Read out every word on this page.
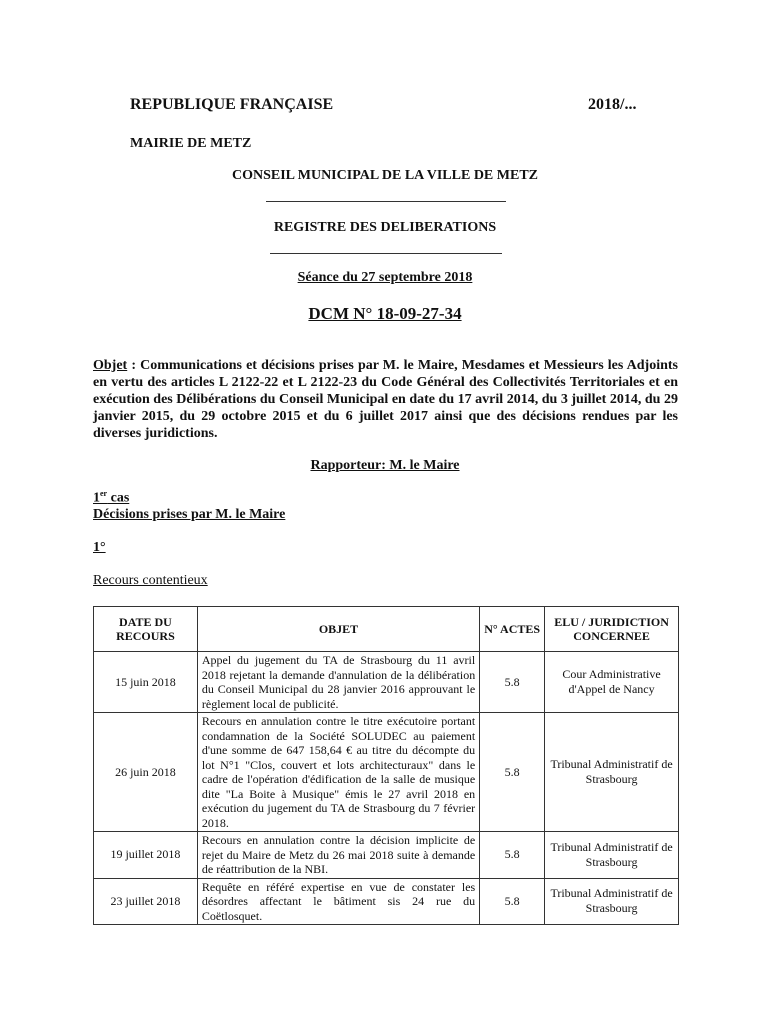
REPUBLIQUE FRANÇAISE	2018/...
MAIRIE DE METZ
CONSEIL MUNICIPAL DE LA VILLE DE METZ
REGISTRE DES DELIBERATIONS
Séance du 27 septembre 2018
DCM N° 18-09-27-34
Objet : Communications et décisions prises par M. le Maire, Mesdames et Messieurs les Adjoints en vertu des articles L 2122-22 et L 2122-23 du Code Général des Collectivités Territoriales et en exécution des Délibérations du Conseil Municipal en date du 17 avril 2014, du 3 juillet 2014, du 29 janvier 2015, du 29 octobre 2015 et du 6 juillet 2017 ainsi que des décisions rendues par les diverses juridictions.
Rapporteur: M. le Maire
1er cas
Décisions prises par M. le Maire
1°
Recours contentieux
DATE DU RECOURS	OBJET	N° ACTES	ELU / JURIDICTION CONCERNEE
15 juin 2018	Appel du jugement du TA de Strasbourg du 11 avril 2018 rejetant la demande d'annulation de la délibération du Conseil Municipal du 28 janvier 2016 approuvant le règlement local de publicité.	5.8	Cour Administrative d'Appel de Nancy
26 juin 2018	Recours en annulation contre le titre exécutoire portant condamnation de la Société SOLUDEC au paiement d'une somme de 647 158,64 € au titre du décompte du lot N°1 "Clos, couvert et lots architecturaux" dans le cadre de l'opération d'édification de la salle de musique dite "La Boite à Musique" émis le 27 avril 2018 en exécution du jugement du TA de Strasbourg du 7 février 2018.	5.8	Tribunal Administratif de Strasbourg
19 juillet 2018	Recours en annulation contre la décision implicite de rejet du Maire de Metz du 26 mai 2018 suite à demande de réattribution de la NBI.	5.8	Tribunal Administratif de Strasbourg
23 juillet 2018	Requête en référé expertise en vue de constater les désordres affectant le bâtiment sis 24 rue du Coëtlosquet.	5.8	Tribunal Administratif de Strasbourg
